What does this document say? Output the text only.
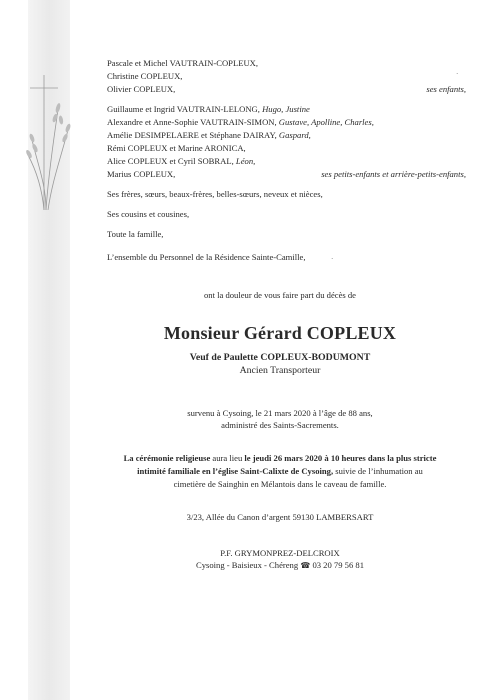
Pascale et Michel VAUTRAIN-COPLEUX,
Christine COPLEUX,
Olivier COPLEUX,	ses enfants,
·
Guillaume et Ingrid VAUTRAIN-LELONG, Hugo, Justine
Alexandre et Anne-Sophie VAUTRAIN-SIMON, Gustave, Apolline, Charles,
Amélie DESIMPELAERE et Stéphane DAIRAY, Gaspard,
Rémi COPLEUX et Marine ARONICA,
Alice COPLEUX et Cyril SOBRAL, Léon,
Marius COPLEUX,	ses petits-enfants et arrière-petits-enfants,
Ses frères, sœurs, beaux-frères, belles-sœurs, neveux et nièces,
Ses cousins et cousines,
Toute la famille,
L’ensemble du Personnel de la Résidence Sainte-Camille,	·
ont la douleur de vous faire part du décès de
Monsieur Gérard COPLEUX
Veuf de Paulette COPLEUX-BODUMONT
Ancien Transporteur
survenu à Cysoing, le 21 mars 2020 à l’âge de 88 ans,
administré des Saints-Sacrements.
La cérémonie religieuse aura lieu le jeudi 26 mars 2020 à 10 heures dans la plus stricte
intimité familiale en l’église Saint-Calixte de Cysoing, suivie de l’inhumation au
cimetière de Sainghin en Mélantois dans le caveau de famille.
3/23, Allée du Canon d’argent 59130 LAMBERSART
P.F. GRYMONPREZ-DELCROIX
Cysoing - Baisieux - Chéreng ☎ 03 20 79 56 81
